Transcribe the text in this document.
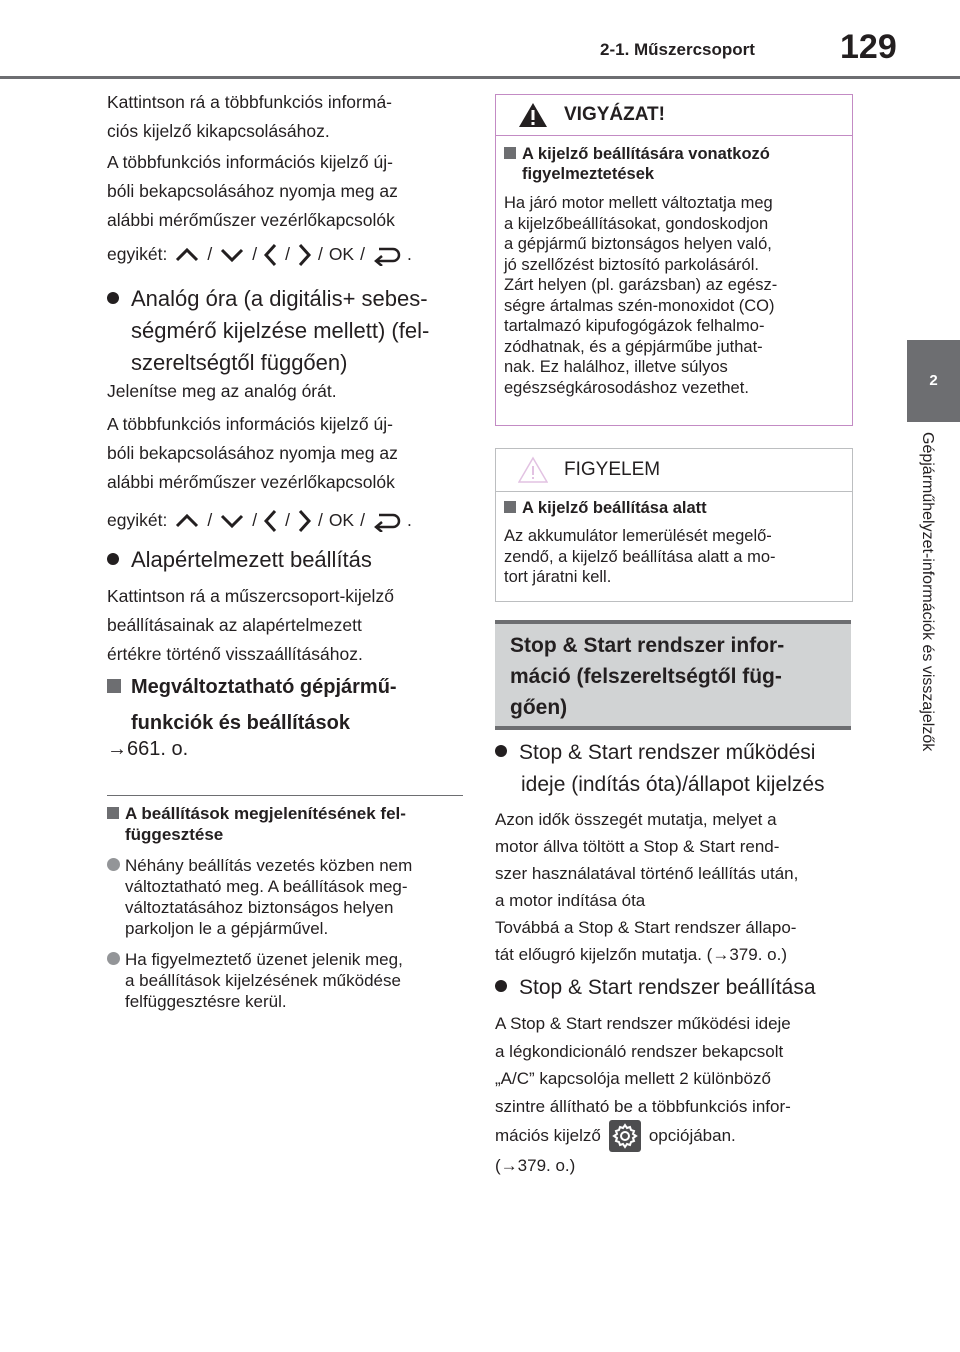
2-1. Műszercsoport	129
2
Gépjárműhelyzet-információk és visszajelzők
Kattintson rá a többfunkciós informá-
ciós kijelző kikapcsolásához.
A többfunkciós információs kijelző új-
bóli bekapcsolásához nyomja meg az
alábbi mérőműszer vezérlőkapcsolók
egyikét: / / / / OK / .
Analóg óra (a digitális+ sebes-
ségmérő kijelzése mellett) (fel-
szereltségtől függően)
Jelenítse meg az analóg órát.
A többfunkciós információs kijelző új-
bóli bekapcsolásához nyomja meg az
alábbi mérőműszer vezérlőkapcsolók
egyikét: / / / / OK / .
Alapértelmezett beállítás
Kattintson rá a műszercsoport-kijelző
beállításainak az alapértelmezett
értékre történő visszaállításához.
Megváltoztatható gépjármű-
funkciók és beállítások
→661. o.
A beállítások megjelenítésének fel-
függesztése
Néhány beállítás vezetés közben nem
változtatható meg. A beállítások meg-
változtatásához biztonságos helyen
parkoljon le a gépjárművel.
Ha figyelmeztető üzenet jelenik meg,
a beállítások kijelzésének működése
felfüggesztésre kerül.
VIGYÁZAT!
A kijelző beállítására vonatkozó
figyelmeztetések
Ha járó motor mellett változtatja meg
a kijelzőbeállításokat, gondoskodjon
a gépjármű biztonságos helyen való,
jó szellőzést biztosító parkolásáról.
Zárt helyen (pl. garázsban) az egész-
ségre ártalmas szén-monoxidot (CO)
tartalmazó kipufogógázok felhalmo-
zódhatnak, és a gépjárműbe juthat-
nak. Ez halálhoz, illetve súlyos
egészségkárosodáshoz vezethet.
FIGYELEM
A kijelző beállítása alatt
Az akkumulátor lemerülését megelő-
zendő, a kijelző beállítása alatt a mo-
tort járatni kell.
Stop & Start rendszer infor-
máció (felszereltségtől füg-
gően)
Stop & Start rendszer működési
ideje (indítás óta)/állapot kijelzés
Azon idők összegét mutatja, melyet a
motor állva töltött a Stop & Start rend-
szer használatával történő leállítás után,
a motor indítása óta
Továbbá a Stop & Start rendszer állapo-
tát előugró kijelzőn mutatja. (→379. o.)
Stop & Start rendszer beállítása
A Stop & Start rendszer működési ideje
a légkondicionáló rendszer bekapcsolt
„A/C” kapcsolója mellett 2 különböző
szintre állítható be a többfunkciós infor-
mációs kijelző	opciójában.
(→379. o.)
